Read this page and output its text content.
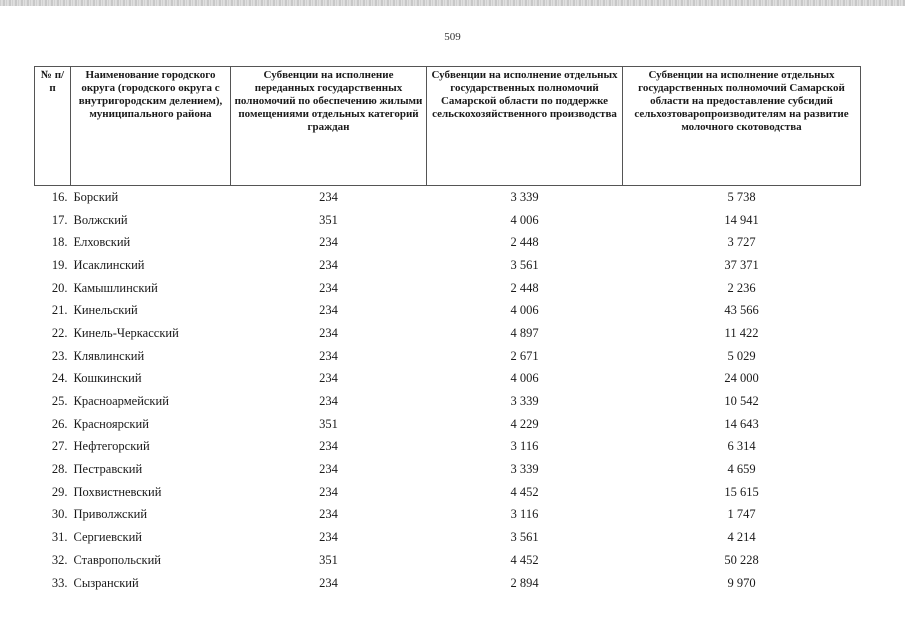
509
№ п/п	Наименование городского округа (городского округа с внутригородским делением), муниципального района	Субвенции на исполнение переданных государственных полномочий по обеспечению жилыми помещениями отдельных категорий граждан	Субвенции на исполнение отдельных государственных полномочий Самарской области по поддержке сельскохозяйственного производства	Субвенции на исполнение отдельных государственных полномочий Самарской области на предоставление субсидий сельхозтоваропроизводителям на развитие молочного скотоводства
16.	Борский	234	3 339	5 738
17.	Волжский	351	4 006	14 941
18.	Елховский	234	2 448	3 727
19.	Исаклинский	234	3 561	37 371
20.	Камышлинский	234	2 448	2 236
21.	Кинельский	234	4 006	43 566
22.	Кинель-Черкасский	234	4 897	11 422
23.	Клявлинский	234	2 671	5 029
24.	Кошкинский	234	4 006	24 000
25.	Красноармейский	234	3 339	10 542
26.	Красноярский	351	4 229	14 643
27.	Нефтегорский	234	3 116	6 314
28.	Пестравский	234	3 339	4 659
29.	Похвистневский	234	4 452	15 615
30.	Приволжский	234	3 116	1 747
31.	Сергиевский	234	3 561	4 214
32.	Ставропольский	351	4 452	50 228
33.	Сызранский	234	2 894	9 970
